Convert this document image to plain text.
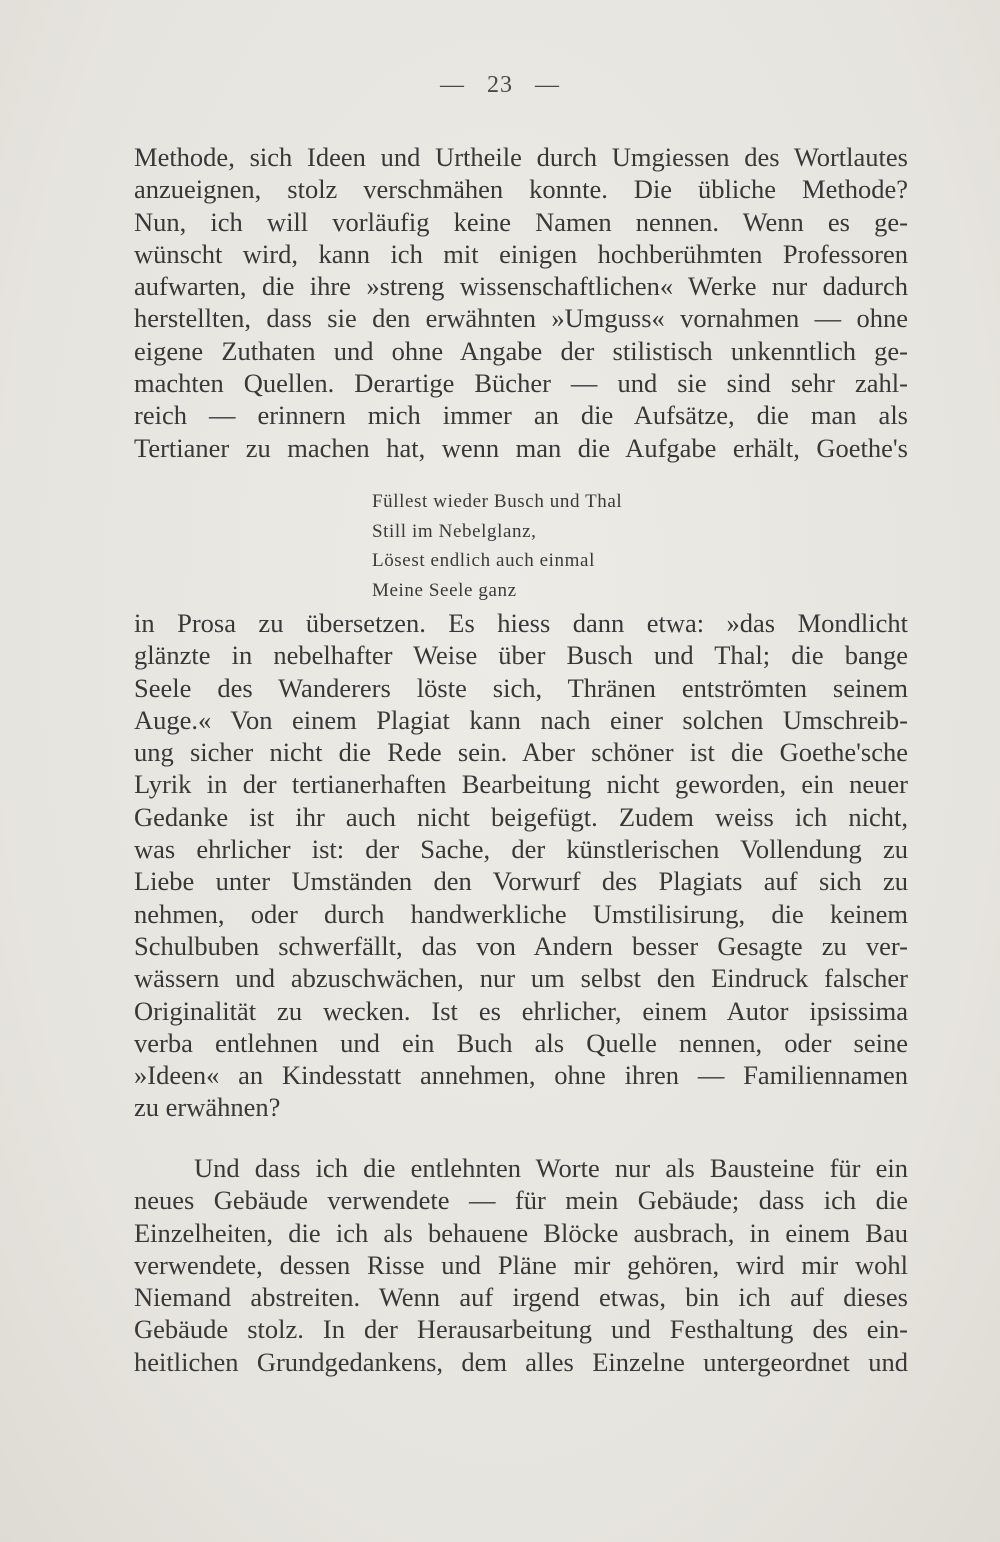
— 23 —
Methode, sich Ideen und Urtheile durch Umgiessen des Wortlautes
anzueignen, stolz verschmähen konnte. Die übliche Methode?
Nun, ich will vorläufig keine Namen nennen. Wenn es ge-
wünscht wird, kann ich mit einigen hochberühmten Professoren
aufwarten, die ihre »streng wissenschaftlichen« Werke nur dadurch
herstellten, dass sie den erwähnten »Umguss« vornahmen — ohne
eigene Zuthaten und ohne Angabe der stilistisch unkenntlich ge-
machten Quellen. Derartige Bücher — und sie sind sehr zahl-
reich — erinnern mich immer an die Aufsätze, die man als
Tertianer zu machen hat, wenn man die Aufgabe erhält, Goethe's
Füllest wieder Busch und Thal
Still im Nebelglanz,
Lösest endlich auch einmal
Meine Seele ganz
in Prosa zu übersetzen. Es hiess dann etwa: »das Mondlicht
glänzte in nebelhafter Weise über Busch und Thal; die bange
Seele des Wanderers löste sich, Thränen entströmten seinem
Auge.« Von einem Plagiat kann nach einer solchen Umschreib-
ung sicher nicht die Rede sein. Aber schöner ist die Goethe'sche
Lyrik in der tertianerhaften Bearbeitung nicht geworden, ein neuer
Gedanke ist ihr auch nicht beigefügt. Zudem weiss ich nicht,
was ehrlicher ist: der Sache, der künstlerischen Vollendung zu
Liebe unter Umständen den Vorwurf des Plagiats auf sich zu
nehmen, oder durch handwerkliche Umstilisirung, die keinem
Schulbuben schwerfällt, das von Andern besser Gesagte zu ver-
wässern und abzuschwächen, nur um selbst den Eindruck falscher
Originalität zu wecken. Ist es ehrlicher, einem Autor ipsissima
verba entlehnen und ein Buch als Quelle nennen, oder seine
»Ideen« an Kindesstatt annehmen, ohne ihren — Familiennamen
zu erwähnen?
Und dass ich die entlehnten Worte nur als Bausteine für ein
neues Gebäude verwendete — für mein Gebäude; dass ich die
Einzelheiten, die ich als behauene Blöcke ausbrach, in einem Bau
verwendete, dessen Risse und Pläne mir gehören, wird mir wohl
Niemand abstreiten. Wenn auf irgend etwas, bin ich auf dieses
Gebäude stolz. In der Herausarbeitung und Festhaltung des ein-
heitlichen Grundgedankens, dem alles Einzelne untergeordnet und
